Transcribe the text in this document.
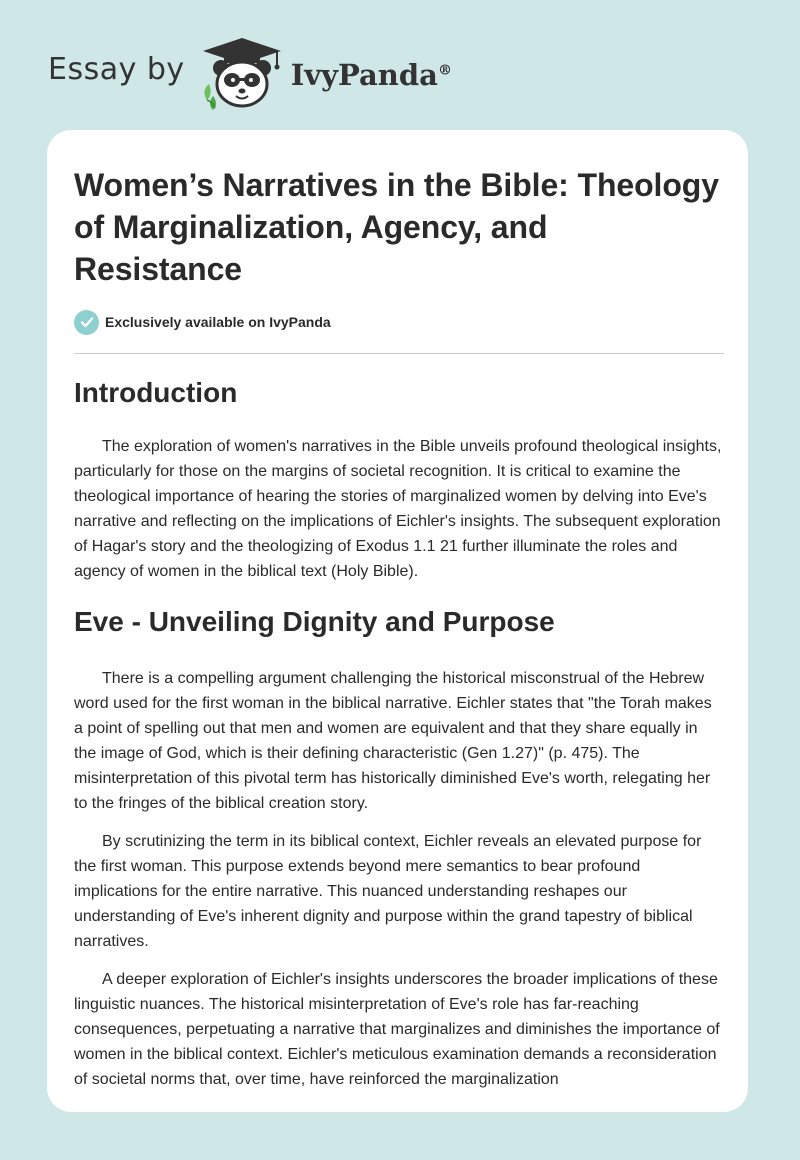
Essay by	IvyPanda®
Women’s Narratives in the Bible: Theology of Marginalization, Agency, and Resistance
Exclusively available on IvyPanda
Introduction

The exploration of women's narratives in the Bible unveils profound theological insights, particularly for those on the margins of societal recognition. It is critical to examine the theological importance of hearing the stories of marginalized women by delving into Eve's narrative and reflecting on the implications of Eichler's insights. The subsequent exploration of Hagar's story and the theologizing of Exodus 1.1 21 further illuminate the roles and agency of women in the biblical text (Holy Bible).

Eve - Unveiling Dignity and Purpose

There is a compelling argument challenging the historical misconstrual of the Hebrew word used for the first woman in the biblical narrative. Eichler states that "the Torah makes a point of spelling out that men and women are equivalent and that they share equally in the image of God, which is their defining characteristic (Gen 1.27)" (p. 475). The misinterpretation of this pivotal term has historically diminished Eve's worth, relegating her to the fringes of the biblical creation story.

By scrutinizing the term in its biblical context, Eichler reveals an elevated purpose for the first woman. This purpose extends beyond mere semantics to bear profound implications for the entire narrative. This nuanced understanding reshapes our understanding of Eve's inherent dignity and purpose within the grand tapestry of biblical narratives.

A deeper exploration of Eichler's insights underscores the broader implications of these linguistic nuances. The historical misinterpretation of Eve's role has far-reaching consequences, perpetuating a narrative that marginalizes and diminishes the importance of women in the biblical context. Eichler's meticulous examination demands a reconsideration of societal norms that, over time, have reinforced the marginalization
